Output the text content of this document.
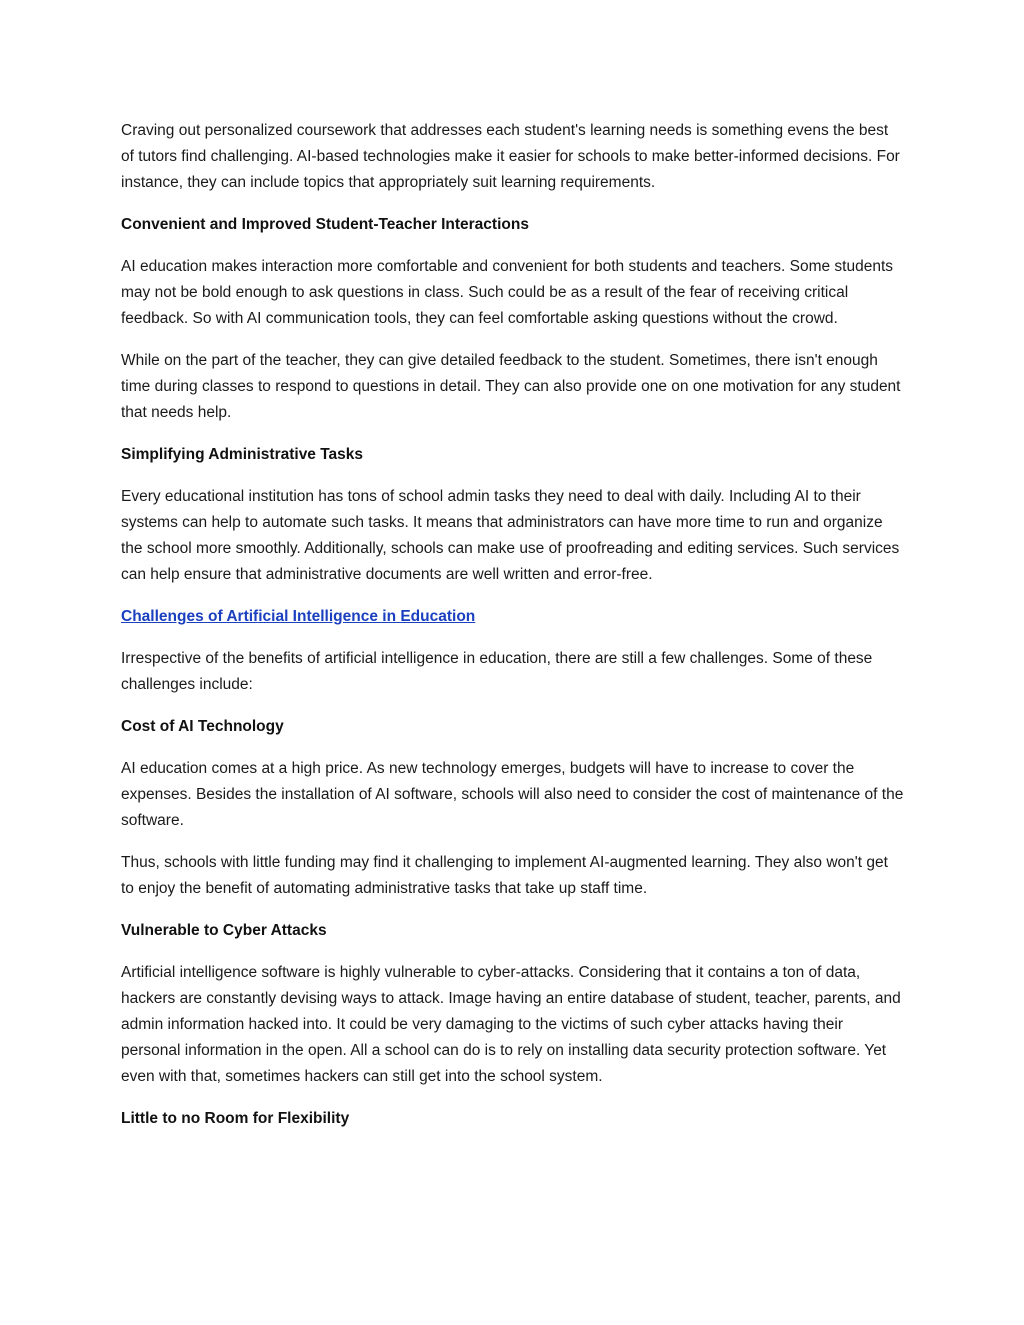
Craving out personalized coursework that addresses each student's learning needs is something evens the best of tutors find challenging. AI-based technologies make it easier for schools to make better-informed decisions. For instance, they can include topics that appropriately suit learning requirements.

Convenient and Improved Student-Teacher Interactions

AI education makes interaction more comfortable and convenient for both students and teachers. Some students may not be bold enough to ask questions in class. Such could be as a result of the fear of receiving critical feedback. So with AI communication tools, they can feel comfortable asking questions without the crowd.

While on the part of the teacher, they can give detailed feedback to the student. Sometimes, there isn't enough time during classes to respond to questions in detail. They can also provide one on one motivation for any student that needs help.

Simplifying Administrative Tasks

Every educational institution has tons of school admin tasks they need to deal with daily. Including AI to their systems can help to automate such tasks. It means that administrators can have more time to run and organize the school more smoothly. Additionally, schools can make use of proofreading and editing services. Such services can help ensure that administrative documents are well written and error-free.

Challenges of Artificial Intelligence in Education

Irrespective of the benefits of artificial intelligence in education, there are still a few challenges. Some of these challenges include:

Cost of AI Technology

AI education comes at a high price. As new technology emerges, budgets will have to increase to cover the expenses. Besides the installation of AI software, schools will also need to consider the cost of maintenance of the software.

Thus, schools with little funding may find it challenging to implement AI-augmented learning. They also won't get to enjoy the benefit of automating administrative tasks that take up staff time.

Vulnerable to Cyber Attacks

Artificial intelligence software is highly vulnerable to cyber-attacks. Considering that it contains a ton of data, hackers are constantly devising ways to attack. Image having an entire database of student, teacher, parents, and admin information hacked into. It could be very damaging to the victims of such cyber attacks having their personal information in the open. All a school can do is to rely on installing data security protection software. Yet even with that, sometimes hackers can still get into the school system.

Little to no Room for Flexibility
